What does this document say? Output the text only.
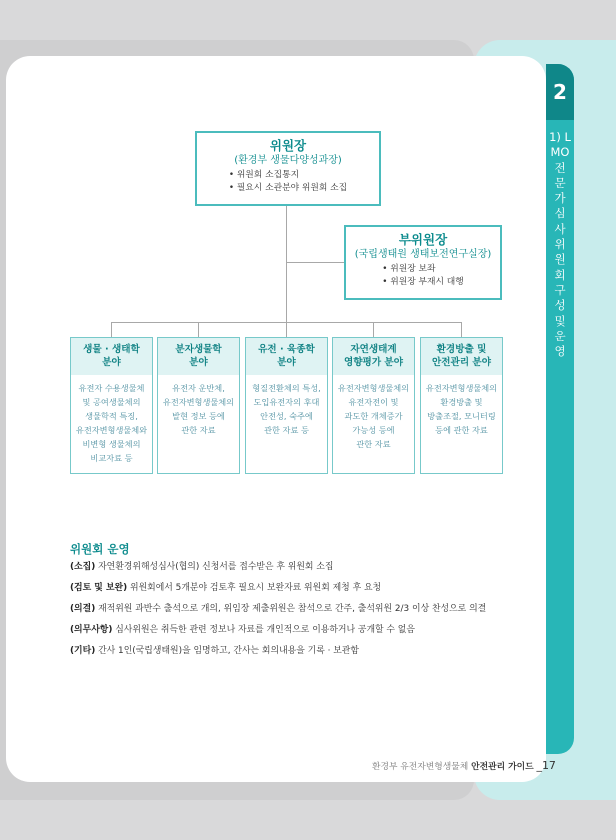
2
1) LMO 전문가심사위원회 구성 및 운영
위원장
(환경부 생물다양성과장)
• 위원회 소집통지
• 필요시 소관분야 위원회 소집
부위원장
(국립생태원 생태보전연구실장)
• 위원장 보좌
• 위원장 부재시 대행
생물 · 생태학
분야
유전자 수용생물체
및 공여생물체의
생물학적 특징,
유전자변형생물체와
비변형 생물체의
비교자료 등
분자생물학
분야
유전자 운반체,
유전자변형생물체의
발현 정보 등에
관한 자료
유전 · 육종학
분야
형질전환체의 특성,
도입유전자의 후대
안전성, 숙주에
관한 자료 등
자연생태계
영향평가 분야
유전자변형생물체의
유전자전이 및
과도한 개체증가
가능성 등에
관한 자료
환경방출 및
안전관리 분야
유전자변형생물체의
환경방출 및
방출조절, 모니터링
등에 관한 자료
위원회 운영
(소집) 자연환경위해성심사(협의) 신청서를 접수받은 후 위원회 소집
(검토 및 보완) 위원회에서 5개분야 검토후 필요시 보완자료 위원회 제청 후 요청
(의결) 재적위원 과반수 출석으로 개의, 위임장 제출위원은 참석으로 간주, 출석위원 2/3 이상 찬성으로 의결
(의무사항) 심사위원은 취득한 관련 정보나 자료를 개인적으로 이용하거나 공개할 수 없음
(기타) 간사 1인(국립생태원)을 임명하고, 간사는 회의내용을 기록 · 보관함
환경부 유전자변형생물체 안전관리 가이드 _17
